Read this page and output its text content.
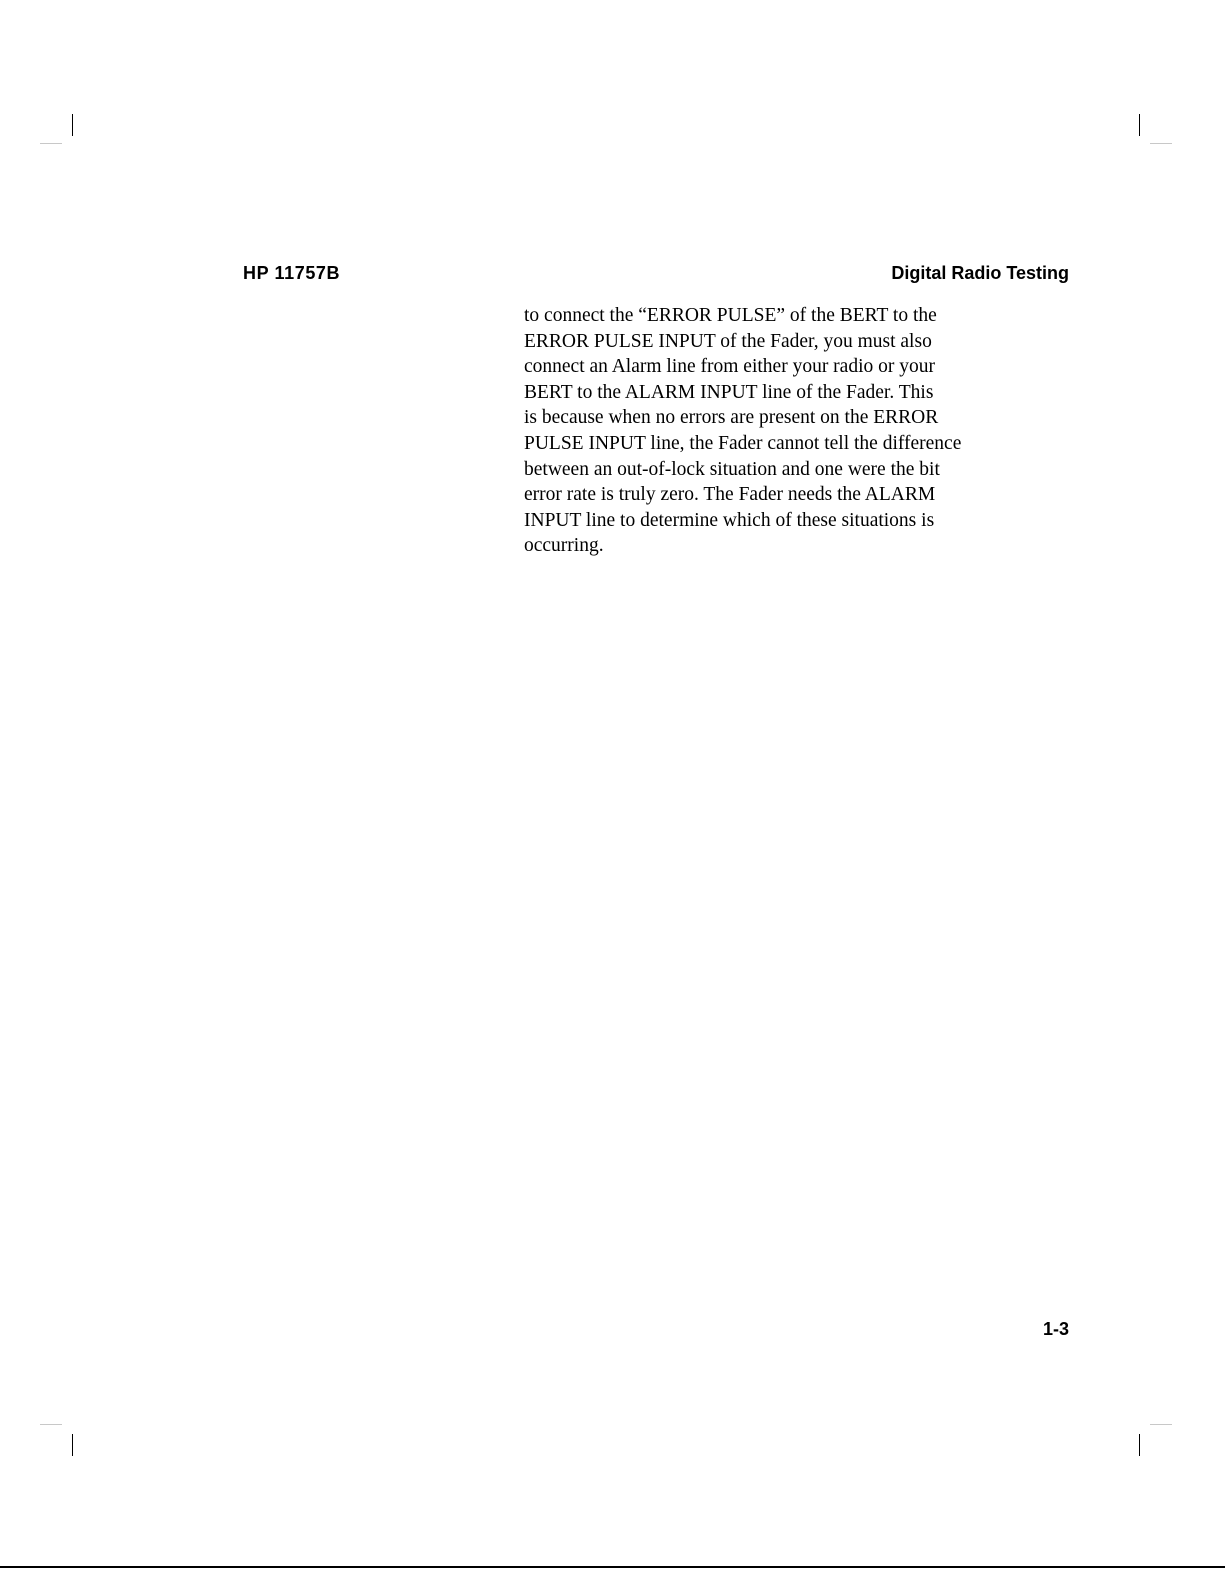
HP 11757B	Digital Radio Testing

to connect the “ERROR PULSE” of the BERT to the
ERROR PULSE INPUT of the Fader, you must also
connect an Alarm line from either your radio or your
BERT to the ALARM INPUT line of the Fader. This
is because when no errors are present on the ERROR
PULSE INPUT line, the Fader cannot tell the difference
between an out-of-lock situation and one were the bit
error rate is truly zero. The Fader needs the ALARM
INPUT line to determine which of these situations is
occurring.

1-3
